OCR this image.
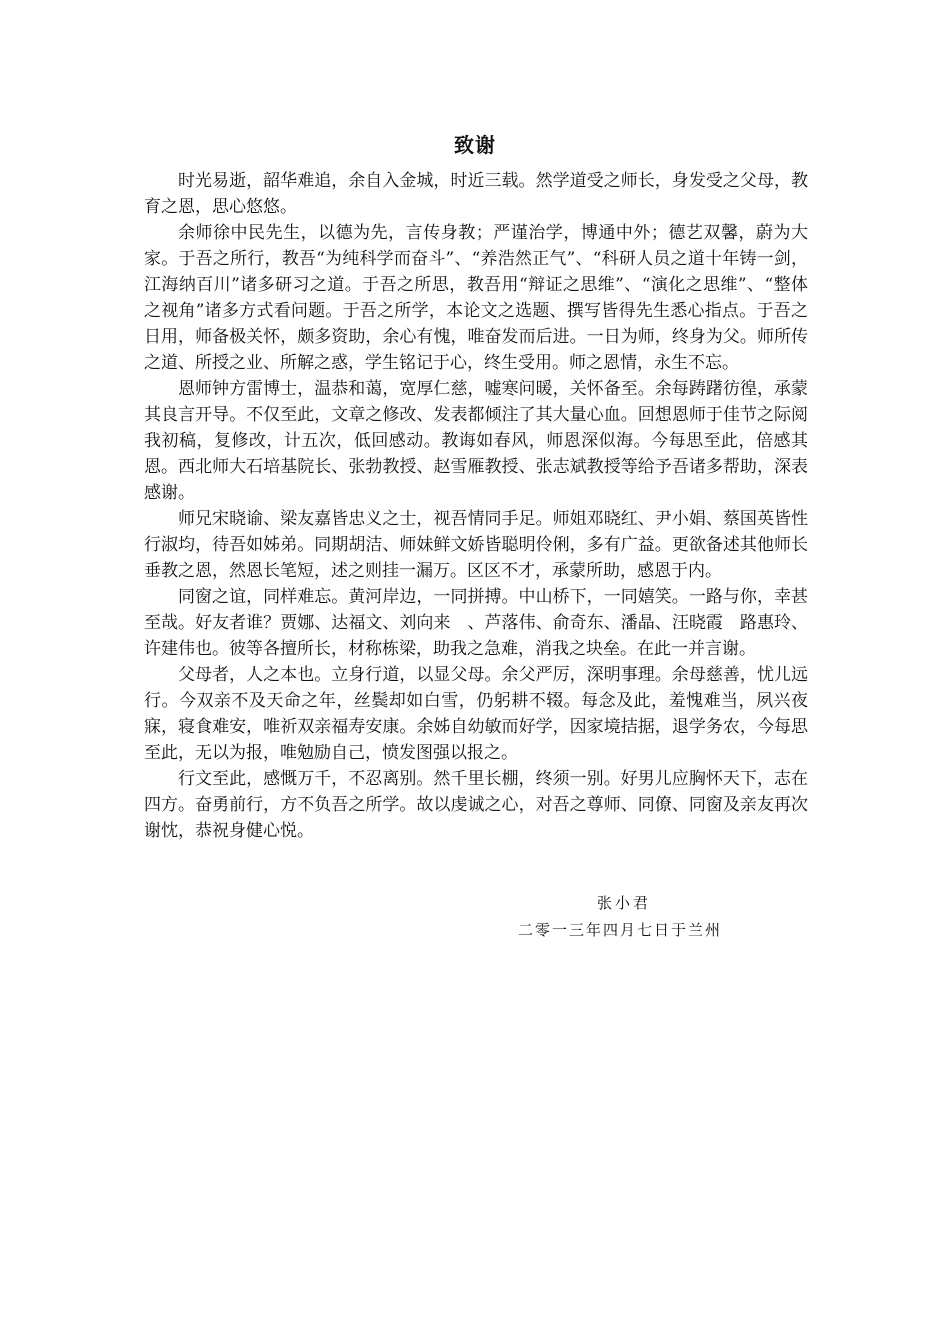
致谢

时光易逝，韶华难追，余自入金城，时近三载。然学道受之师长，身发受之父母，教育之恩，思心悠悠。

余师徐中民先生，以德为先，言传身教；严谨治学，博通中外；德艺双馨，蔚为大家。于吾之所行，教吾“为纯科学而奋斗”、“养浩然正气”、“科研人员之道十年铸一剑，江海纳百川”诸多研习之道。于吾之所思，教吾用“辩证之思维”、“演化之思维”、“整体之视角”诸多方式看问题。于吾之所学，本论文之选题、撰写皆得先生悉心指点。于吾之日用，师备极关怀，颇多资助，余心有愧，唯奋发而后进。一日为师，终身为父。师所传之道、所授之业、所解之惑，学生铭记于心，终生受用。师之恩情，永生不忘。

恩师钟方雷博士，温恭和蔼，宽厚仁慈，嘘寒问暖，关怀备至。余每踌躇彷徨，承蒙其良言开导。不仅至此，文章之修改、发表都倾注了其大量心血。回想恩师于佳节之际阅我初稿，复修改，计五次，低回感动。教诲如春风，师恩深似海。今每思至此，倍感其恩。西北师大石培基院长、张勃教授、赵雪雁教授、张志斌教授等给予吾诸多帮助，深表感谢。

师兄宋晓谕、梁友嘉皆忠义之士，视吾情同手足。师姐邓晓红、尹小娟、蔡国英皆性行淑均，待吾如姊弟。同期胡洁、师妹鲜文娇皆聪明伶俐，多有广益。更欲备述其他师长垂教之恩，然恩长笔短，述之则挂一漏万。区区不才，承蒙所助，感恩于内。

同窗之谊，同样难忘。黄河岸边，一同拼搏。中山桥下，一同嬉笑。一路与你，幸甚至哉。好友者谁？贾娜、达福文、刘向来　、芦落伟、俞奇东、潘晶、汪晓霞　路惠玲、许建伟也。彼等各擅所长，材称栋梁，助我之急难，消我之块垒。在此一并言谢。

父母者，人之本也。立身行道，以显父母。余父严厉，深明事理。余母慈善，忧儿远行。今双亲不及天命之年，丝鬓却如白雪，仍躬耕不辍。每念及此，羞愧难当，夙兴夜寐，寝食难安，唯祈双亲福寿安康。余姊自幼敏而好学，因家境拮据，退学务农，今每思至此，无以为报，唯勉励自己，愤发图强以报之。

行文至此，感慨万千，不忍离别。然千里长棚，终须一别。好男儿应胸怀天下，志在四方。奋勇前行，方不负吾之所学。故以虔诚之心，对吾之尊师、同僚、同窗及亲友再次谢忱，恭祝身健心悦。

张小君
二零一三年四月七日于兰州
